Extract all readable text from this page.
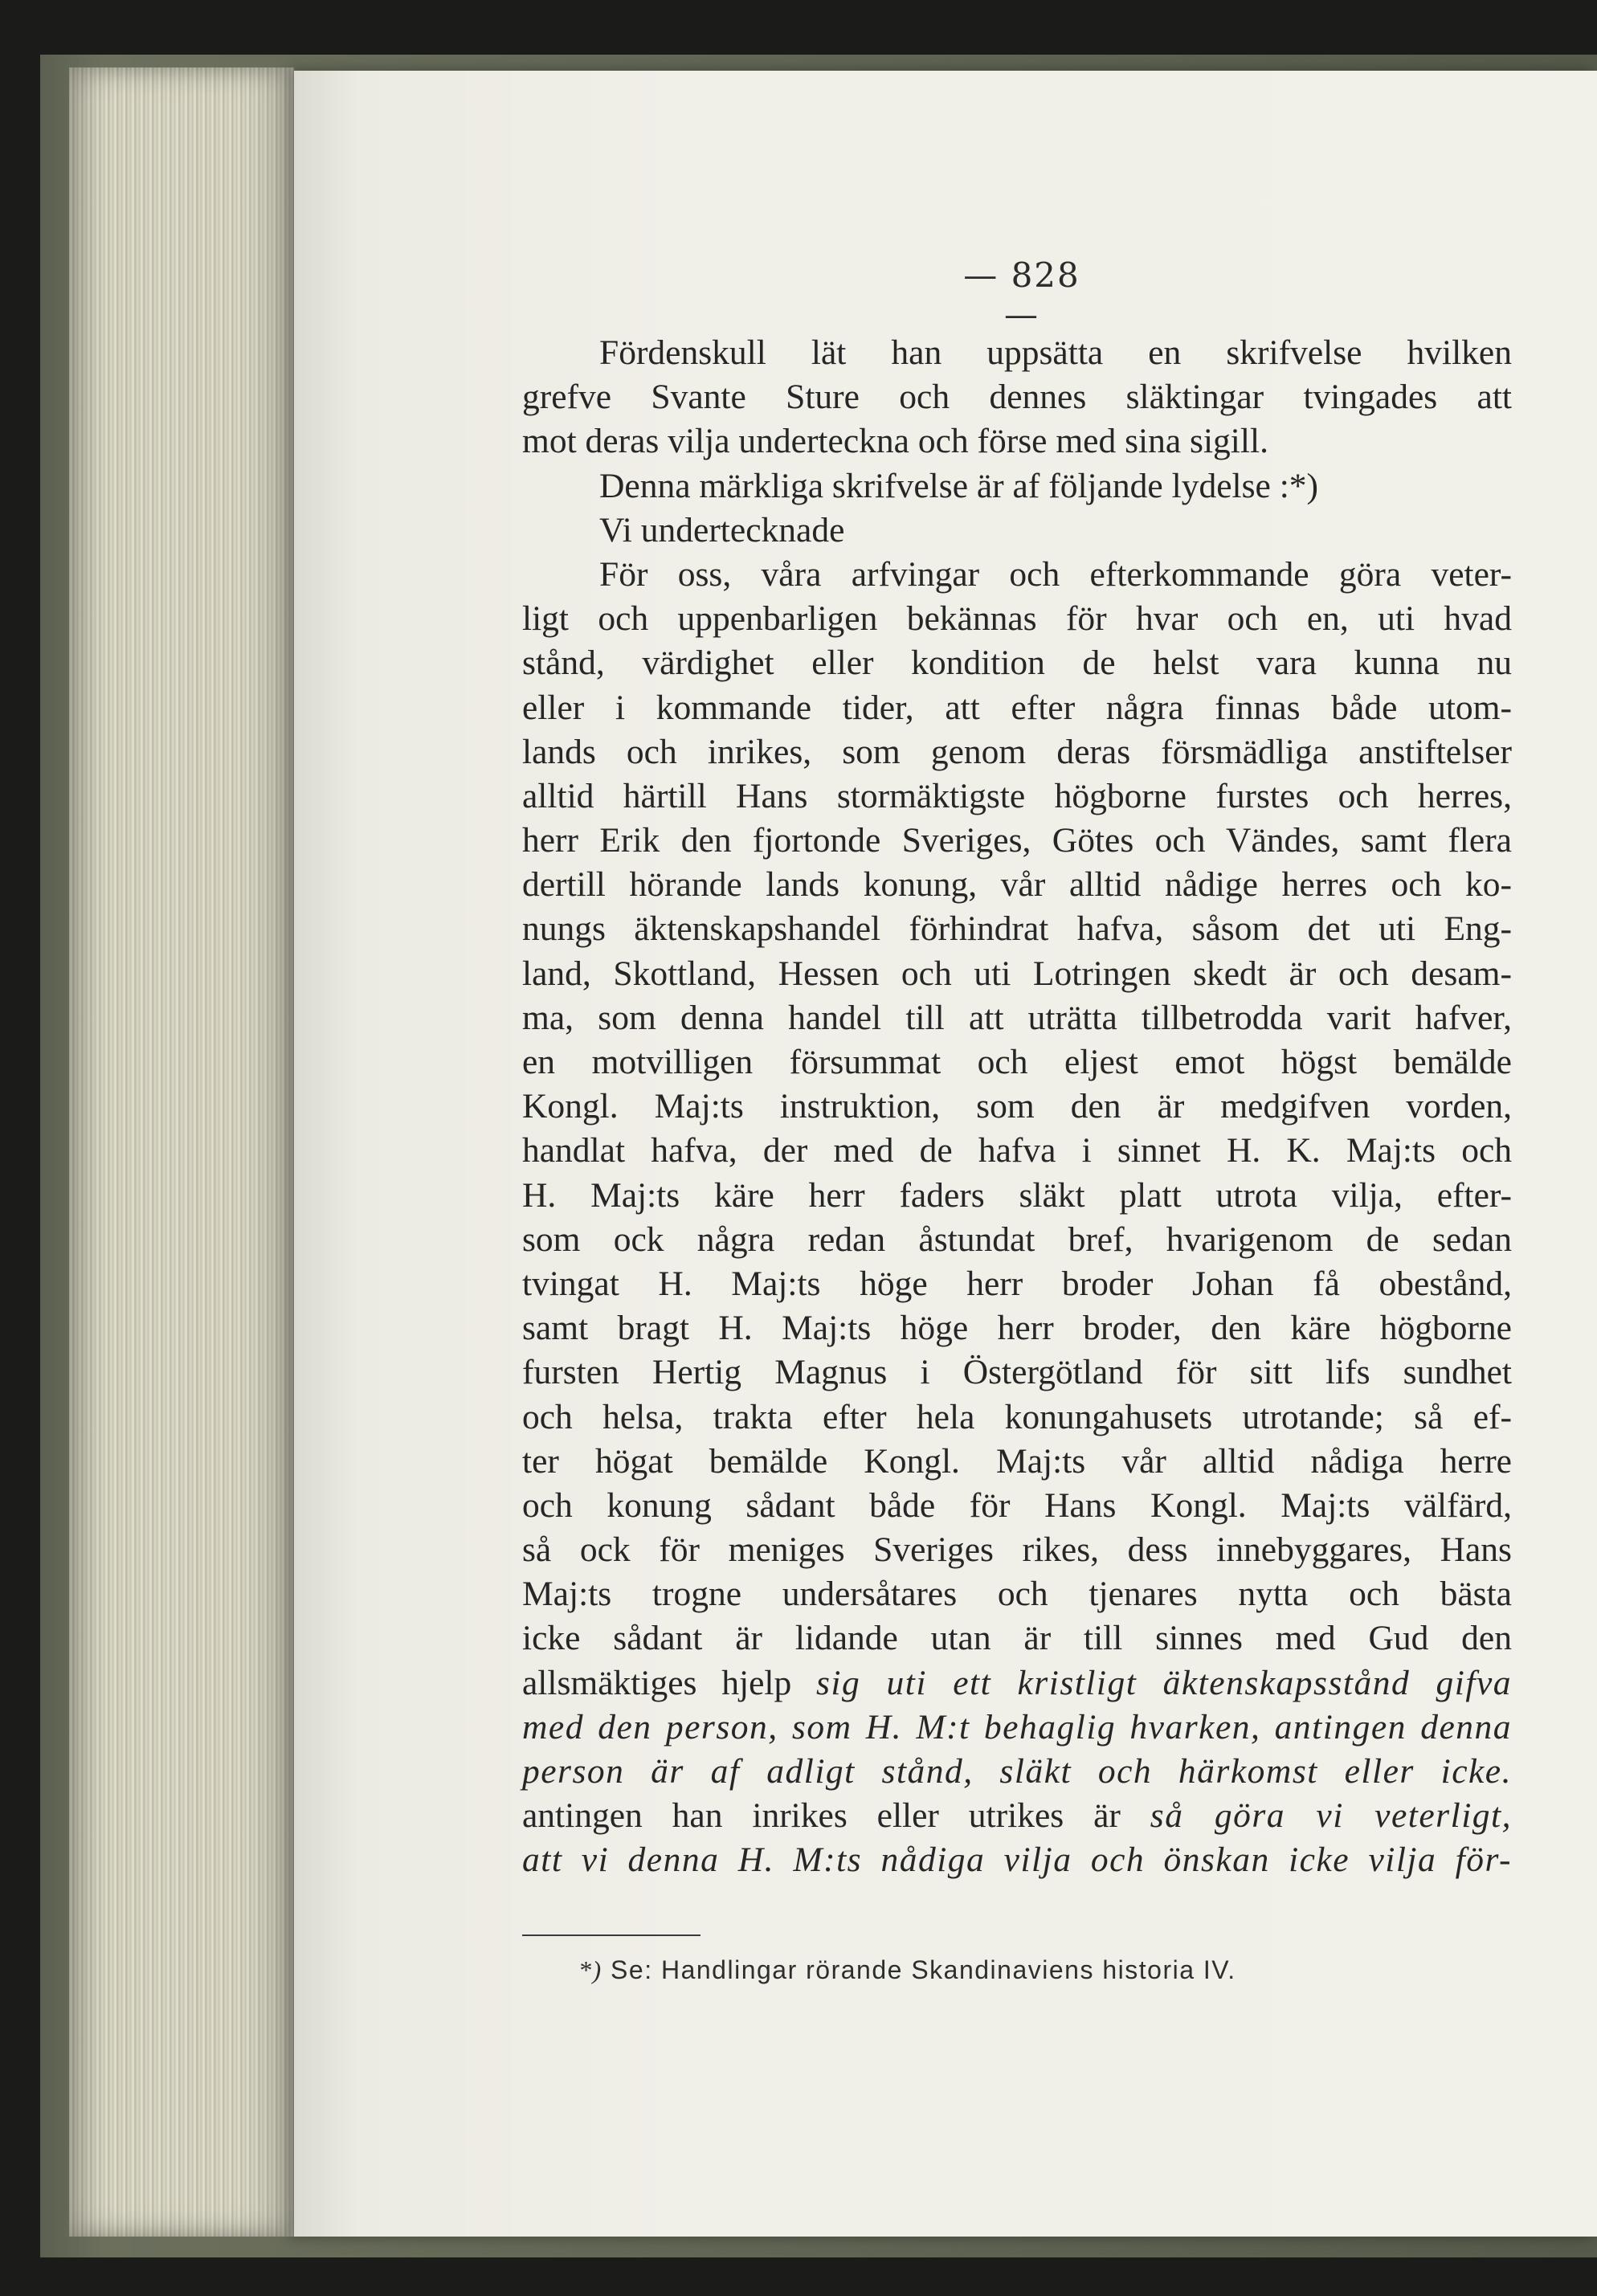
— 828 —
Fördenskull lät han uppsätta en skrifvelse hvilken
grefve Svante Sture och dennes släktingar tvingades att
mot deras vilja underteckna och förse med sina sigill.
Denna märkliga skrifvelse är af följande lydelse :*)
Vi undertecknade
För oss, våra arfvingar och efterkommande göra veter-
ligt och uppenbarligen bekännas för hvar och en, uti hvad
stånd, värdighet eller kondition de helst vara kunna nu
eller i kommande tider, att efter några finnas både utom-
lands och inrikes, som genom deras försmädliga anstiftelser
alltid härtill Hans stormäktigste högborne furstes och herres,
herr Erik den fjortonde Sveriges, Götes och Vändes, samt flera
dertill hörande lands konung, vår alltid nådige herres och ko-
nungs äktenskapshandel förhindrat hafva, såsom det uti Eng-
land, Skottland, Hessen och uti Lotringen skedt är och desam-
ma, som denna handel till att uträtta tillbetrodda varit hafver,
en motvilligen försummat och eljest emot högst bemälde
Kongl. Maj:ts instruktion, som den är medgifven vorden,
handlat hafva, der med de hafva i sinnet H. K. Maj:ts och
H. Maj:ts käre herr faders släkt platt utrota vilja, efter-
som ock några redan åstundat bref, hvarigenom de sedan
tvingat H. Maj:ts höge herr broder Johan få obestånd,
samt bragt H. Maj:ts höge herr broder, den käre högborne
fursten Hertig Magnus i Östergötland för sitt lifs sundhet
och helsa, trakta efter hela konungahusets utrotande; så ef-
ter högat bemälde Kongl. Maj:ts vår alltid nådiga herre
och konung sådant både för Hans Kongl. Maj:ts välfärd,
så ock för meniges Sveriges rikes, dess innebyggares, Hans
Maj:ts trogne undersåtares och tjenares nytta och bästa
icke sådant är lidande utan är till sinnes med Gud den
allsmäktiges hjelp sig uti ett kristligt äktenskapsstånd gifva
med den person, som H. M:t behaglig hvarken, antingen denna
person är af adligt stånd, släkt och härkomst eller icke.
antingen han inrikes eller utrikes är så göra vi veterligt,
att vi denna H. M:ts nådiga vilja och önskan icke vilja för-
*) Se: Handlingar rörande Skandinaviens historia IV.
